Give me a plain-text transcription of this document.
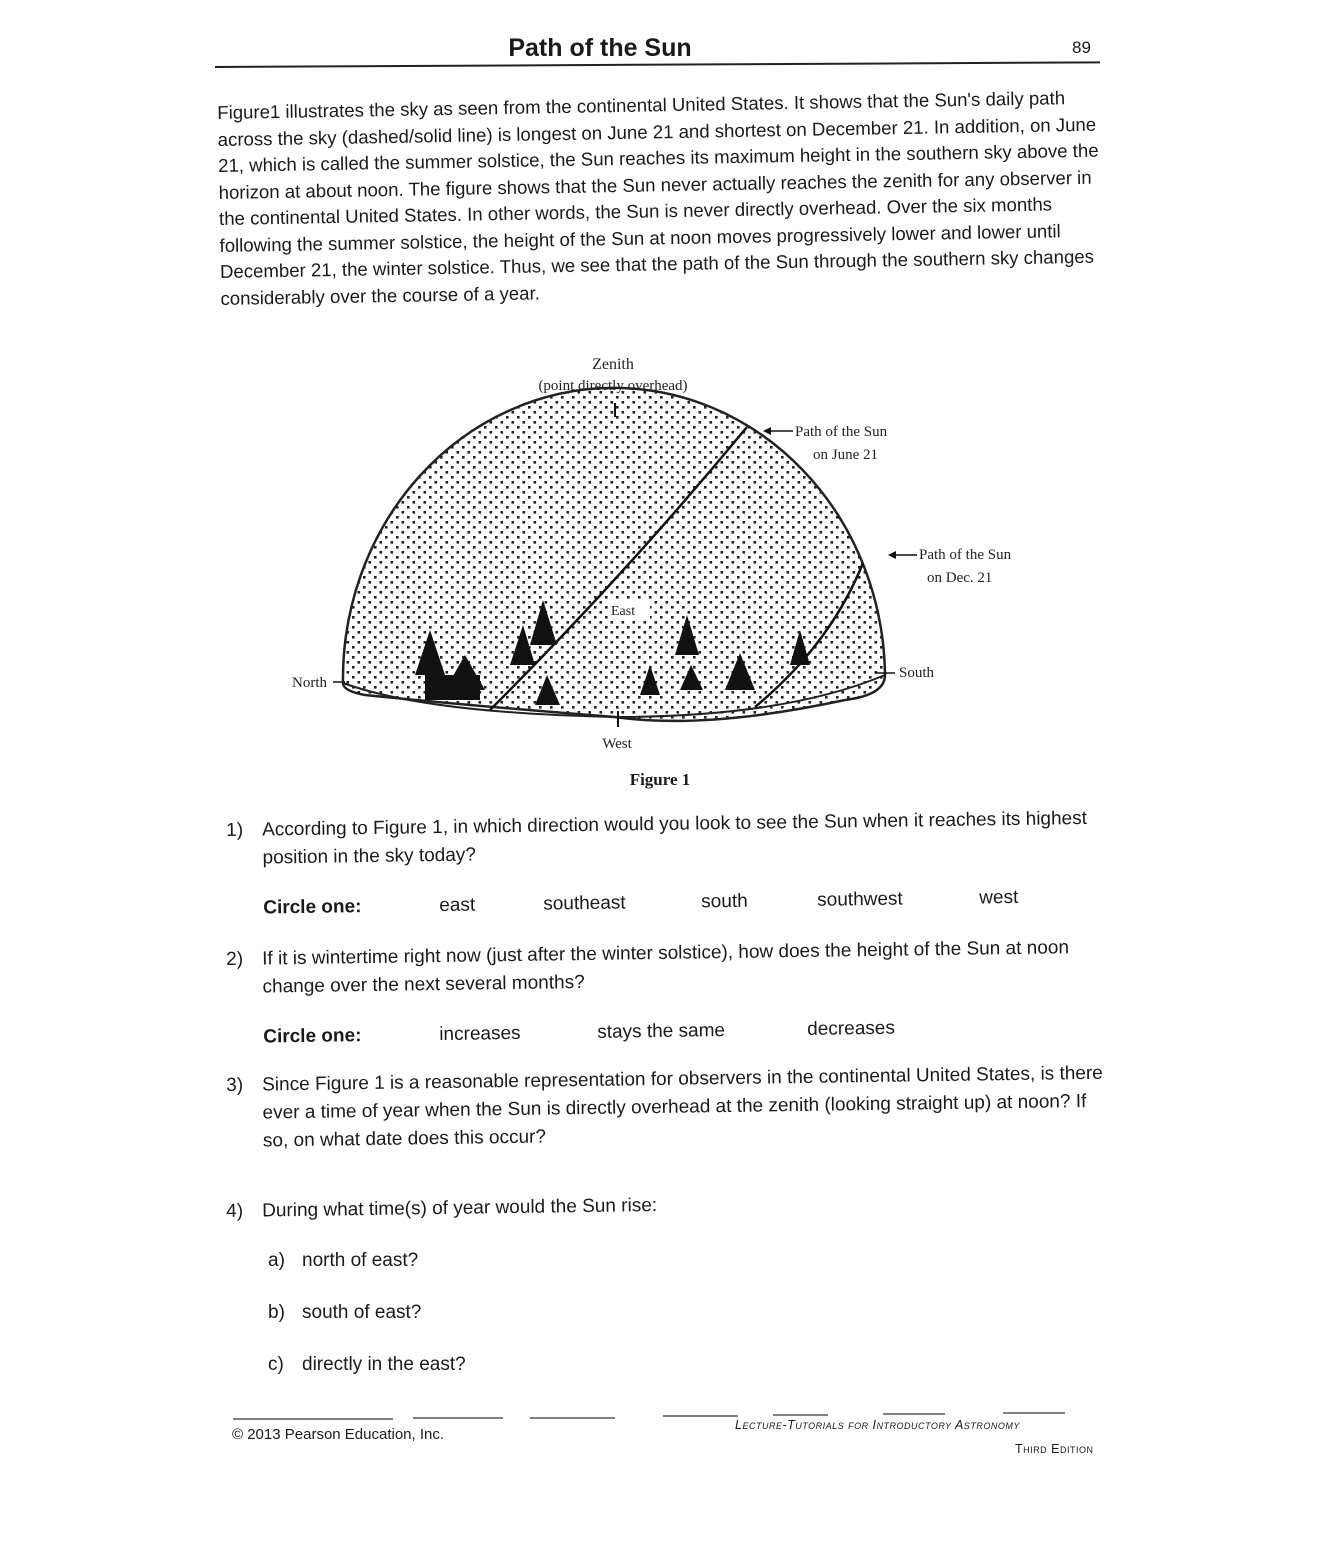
Path of the Sun	89

Figure1 illustrates the sky as seen from the continental United States. It shows that the Sun's daily path across the sky (dashed/solid line) is longest on June 21 and shortest on December 21. In addition, on June 21, which is called the summer solstice, the Sun reaches its maximum height in the southern sky above the horizon at about noon. The figure shows that the Sun never actually reaches the zenith for any observer in the continental United States. In other words, the Sun is never directly overhead. Over the six months following the summer solstice, the height of the Sun at noon moves progressively lower and lower until December 21, the winter solstice. Thus, we see that the path of the Sun through the southern sky changes considerably over the course of a year.

Zenith
(point directly overhead)
Path of the Sun
on June 21
Path of the Sun
on Dec. 21
North
South
East
West
Figure 1
1) According to Figure 1, in which direction would you look to see the Sun when it reaches its highest position in the sky today?
Circle one:	east	southeast	south	southwest	west
2) If it is wintertime right now (just after the winter solstice), how does the height of the Sun at noon change over the next several months?
Circle one:	increases	stays the same	decreases
3) Since Figure 1 is a reasonable representation for observers in the continental United States, is there ever a time of year when the Sun is directly overhead at the zenith (looking straight up) at noon? If so, on what date does this occur?
4) During what time(s) of year would the Sun rise:
a) north of east?
b) south of east?
c) directly in the east?
© 2013 Pearson Education, Inc.
Lecture-Tutorials for Introductory Astronomy
Third Edition
